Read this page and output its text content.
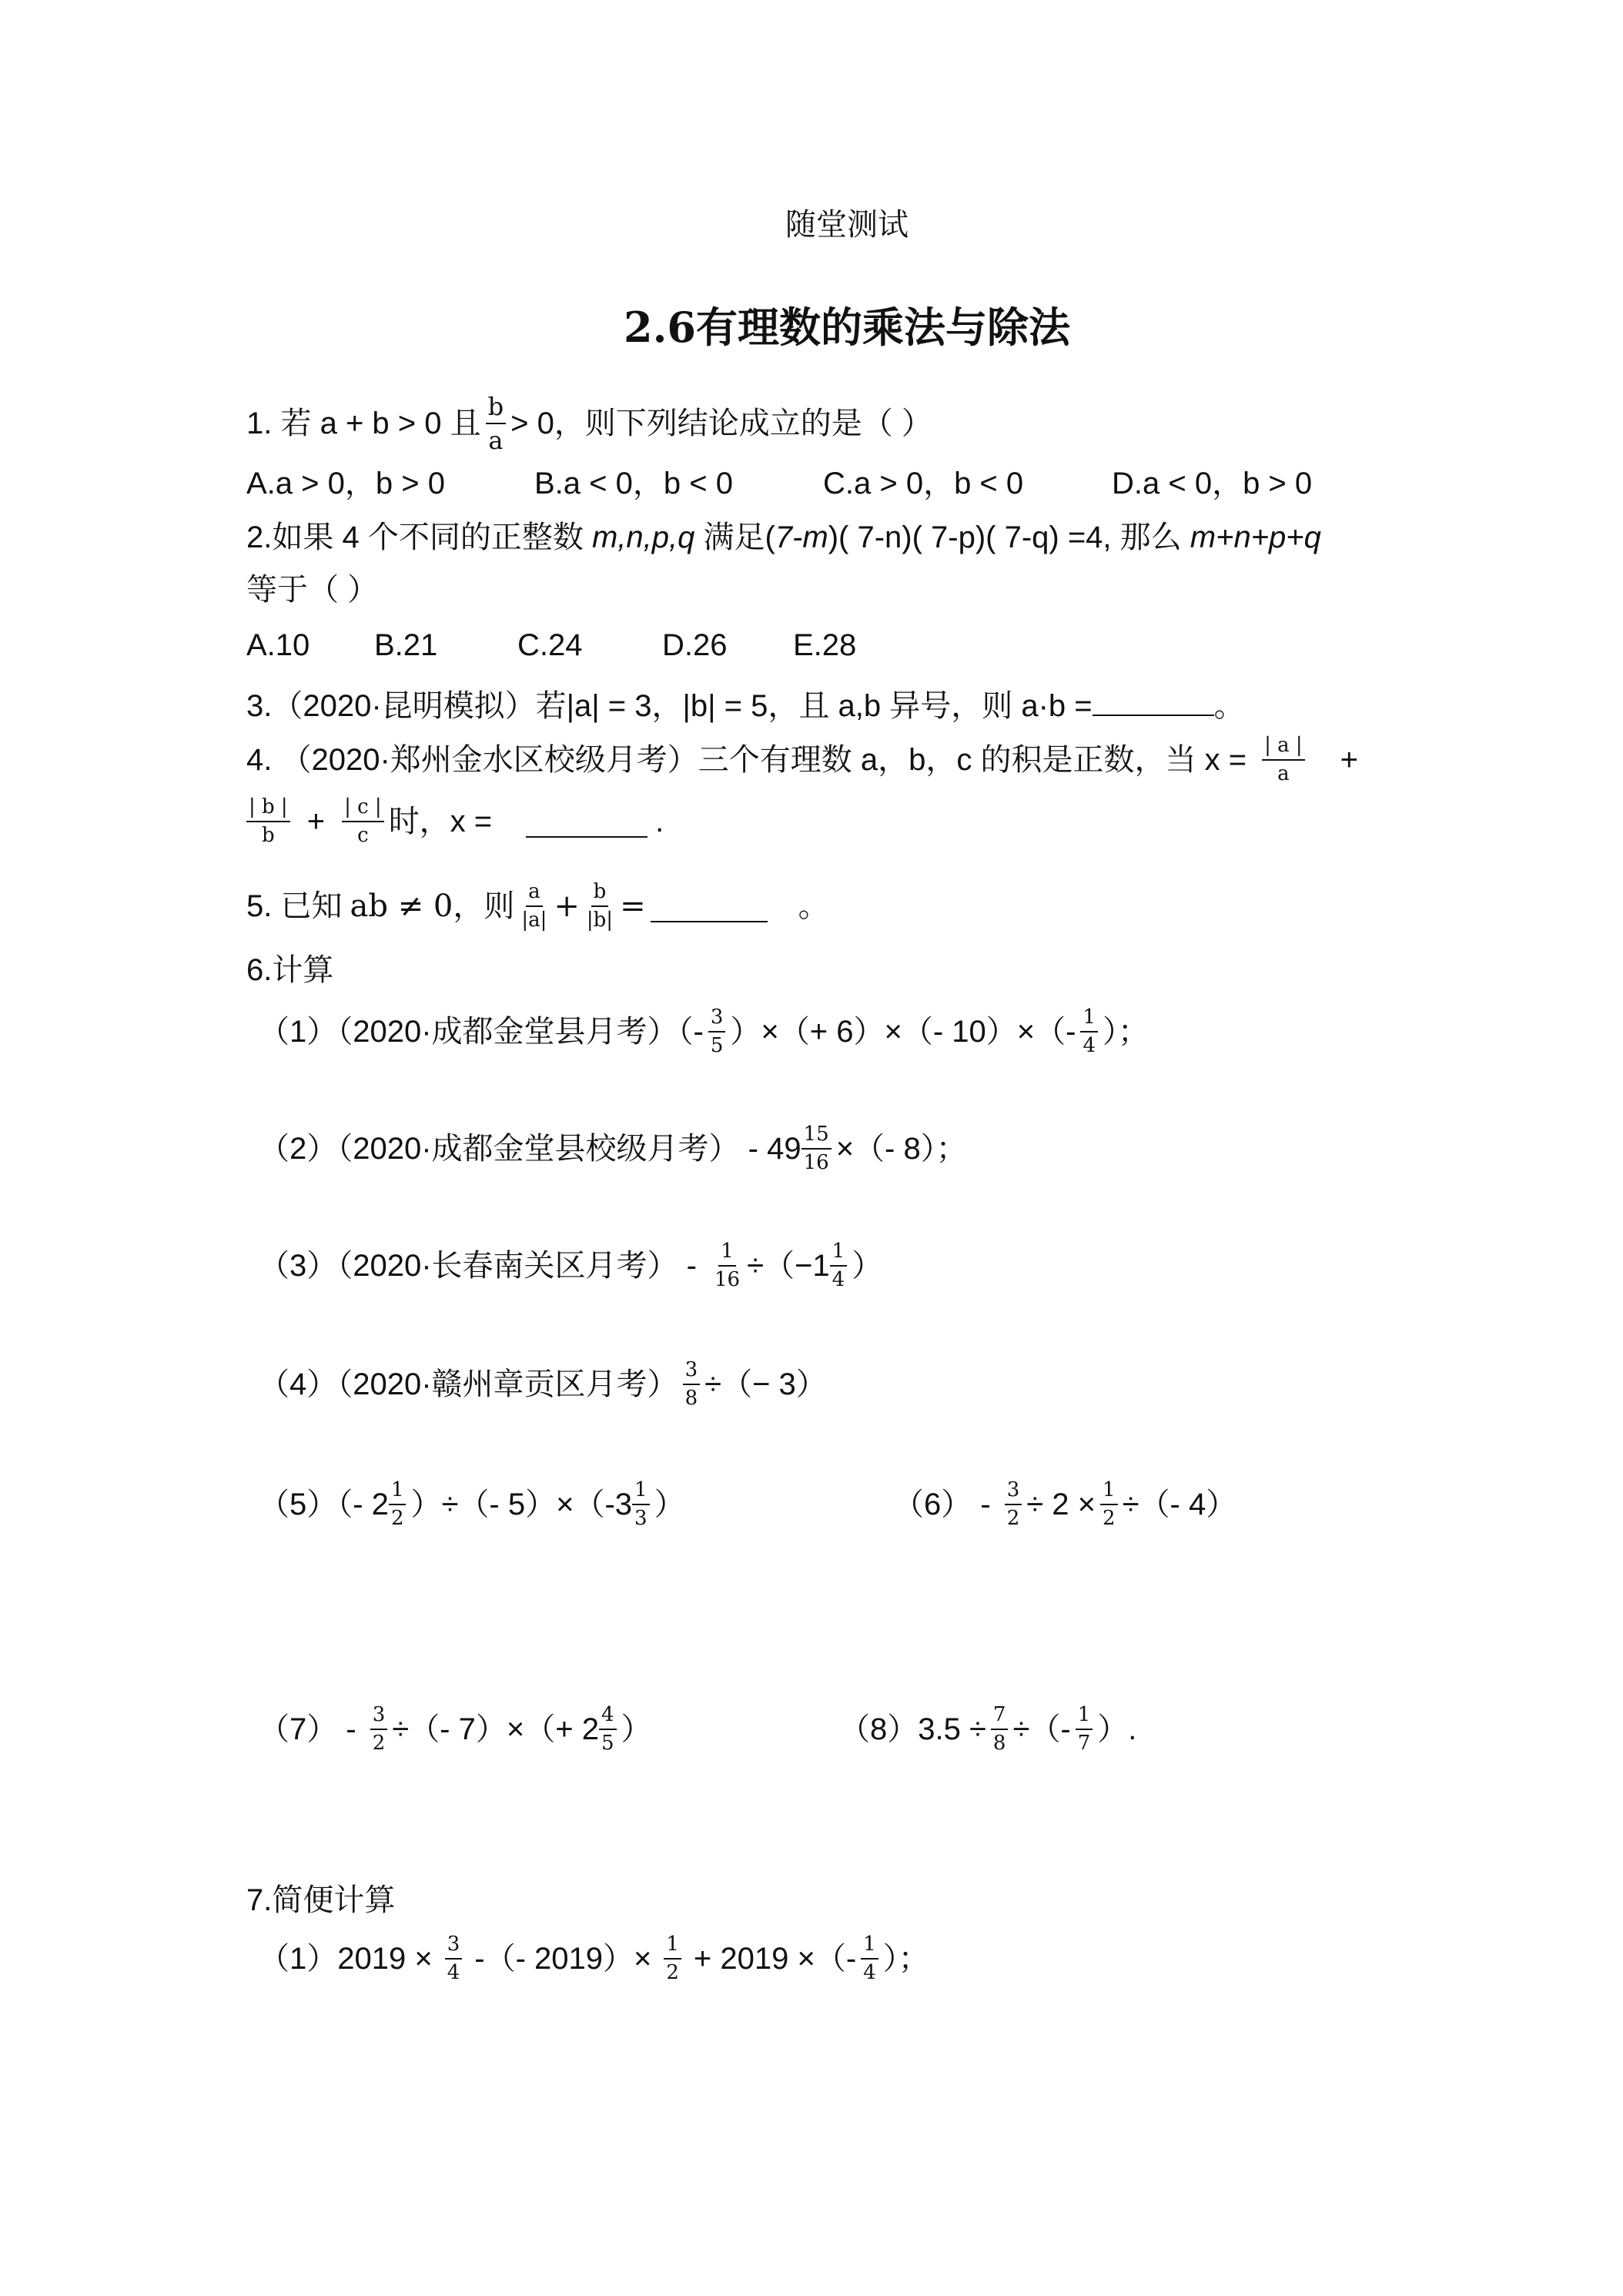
随堂测试
2.6有理数的乘法与除法
1. 若 a + b > 0 且 $\frac{b}{a} > 0$，则下列结论成立的是（ ）
A.a > 0，b > 0	B.a < 0，b < 0	C.a > 0，b < 0	D.a < 0，b > 0
2.如果 4 个不同的正整数 m,n,p,q 满足(7-m)( 7-n)( 7-p)( 7-q) =4, 那么 m+n+p+q
等于（ ）
A.10 B.21	C.24	D.26 E.28
3.（2020·昆明模拟）若|a| = 3，|b| = 5，且 a,b 异号，则 a·b =	。
4. （2020·郑州金水区校级月考）三个有理数 a，b，c 的积是正数，当 $x = \frac{| a |}{a}$ +
$\frac{| b |}{b} + \frac{| c |}{c}$ 时，x =	.
5. 已知 ab ≠ 0 ，则 $\frac{a}{|a|} + \frac{b}{|b|}$ =	。
6.计算
（1）（2020·成都金堂县月考）（- $\frac{3}{5}$ ）×（+ 6）×（- $10)\times(- \frac{1}{4}$ ）；
（2）（2020·成都金堂县校级月考） - $49 \frac{15}{16}$ ×（- 8）；
（3）（2020·长春南关区月考） - $\frac{1}{16} \div(-1 \frac{1}{4}$ ）
（4）（2020·赣州章贡区月考） $\frac{3}{8}$ ÷（− 3）
（5）（- $2 \frac{1}{2}$ ）÷（- $5)\times(-3 \frac{1}{3}$ ）	$(6) - \frac{3}{2} \div 2 \times \frac{1}{2}$ ÷（- 4）
$(7) - \frac{3}{2}$ ÷（- $7)\times(+ 2 \frac{4}{5}$ ）	$(8)3.5 \div \frac{7}{8}$ ÷（- $\frac{1}{7}$ ）.
7.简便计算
$(1)2019 \times \frac{3}{4}$ -（- $2019)\times \frac{1}{2} + 2019$ ×（- $\frac{1}{4}$ ）；
